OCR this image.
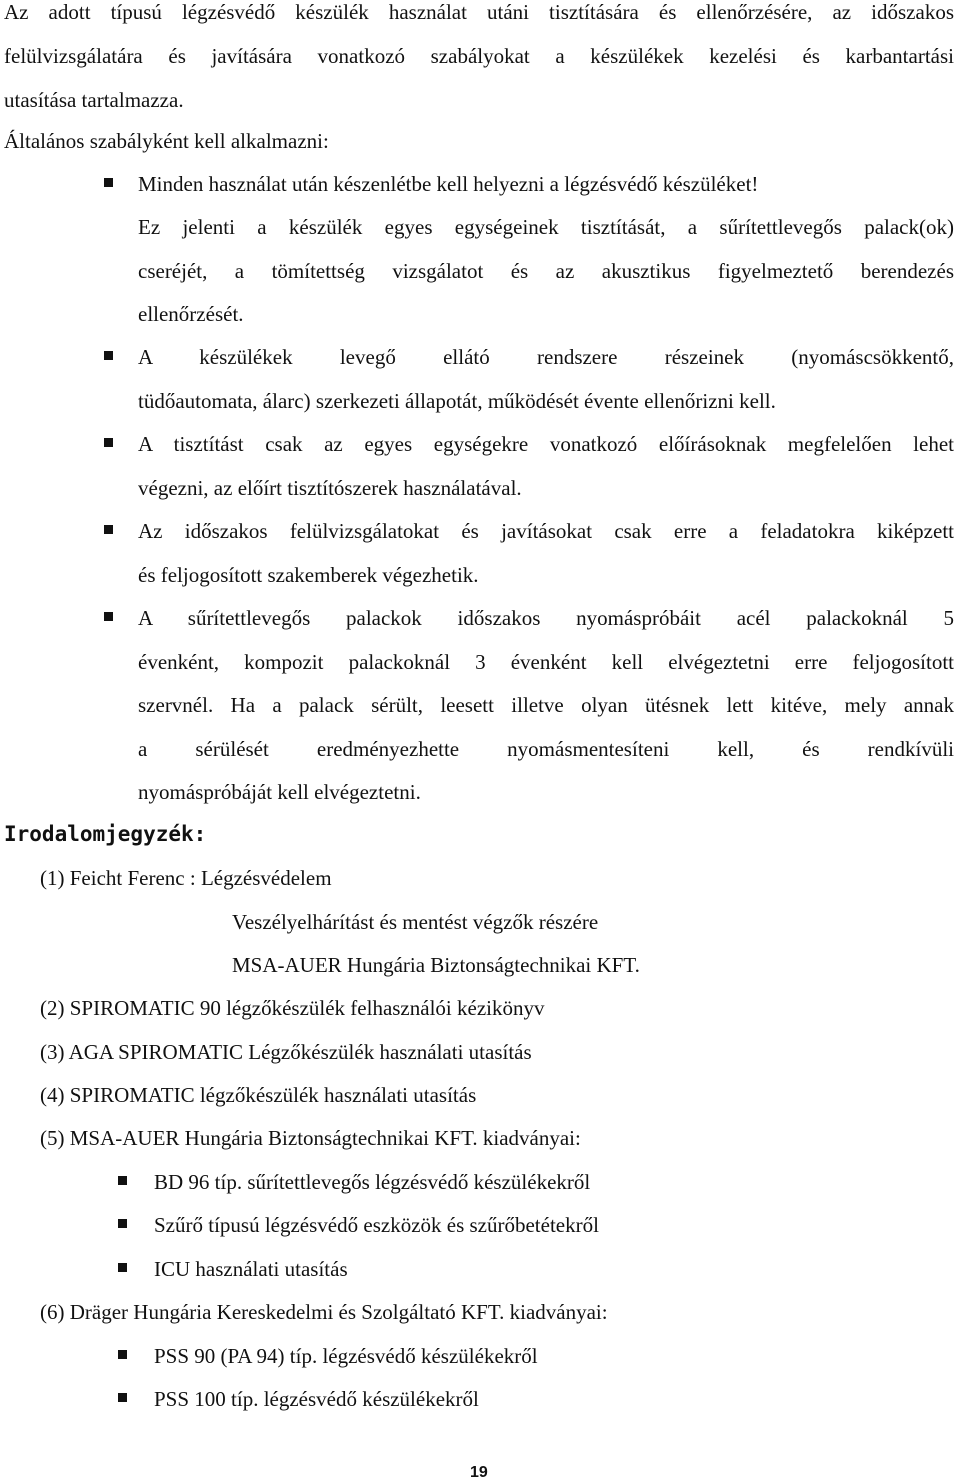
Az adott típusú légzésvédő készülék használat utáni tisztítására és ellenőrzésére, az időszakos
felülvizsgálatára és javítására vonatkozó szabályokat a készülékek kezelési és karbantartási
utasítása tartalmazza.
Általános szabályként kell alkalmazni:
Minden használat után készenlétbe kell helyezni a légzésvédő készüléket!
Ez jelenti a készülék egyes egységeinek tisztítását, a sűrítettlevegős palack(ok)
cseréjét, a tömítettség vizsgálatot és az akusztikus figyelmeztető berendezés
ellenőrzését.
A készülékek levegő ellátó rendszere részeinek (nyomáscsökkentő,
tüdőautomata, álarc) szerkezeti állapotát, működését évente ellenőrizni kell.
A tisztítást csak az egyes egységekre vonatkozó előírásoknak megfelelően lehet
végezni, az előírt tisztítószerek használatával.
Az időszakos felülvizsgálatokat és javításokat csak erre a feladatokra kiképzett
és feljogosított szakemberek végezhetik.
A sűrítettlevegős palackok időszakos nyomáspróbáit acél palackoknál 5
évenként, kompozit palackoknál 3 évenként kell elvégeztetni erre feljogosított
szervnél. Ha a palack sérült, leesett illetve olyan ütésnek lett kitéve, mely annak
a sérülését eredményezhette nyomásmentesíteni kell, és rendkívüli
nyomáspróbáját kell elvégeztetni.
Irodalomjegyzék:
(1) Feicht Ferenc : Légzésvédelem
Veszélyelhárítást és mentést végzők részére
MSA-AUER Hungária Biztonságtechnikai KFT.
(2) SPIROMATIC 90 légzőkészülék felhasználói kézikönyv
(3) AGA SPIROMATIC Légzőkészülék használati utasítás
(4) SPIROMATIC légzőkészülék használati utasítás
(5) MSA-AUER Hungária Biztonságtechnikai KFT. kiadványai:
BD 96 típ. sűrítettlevegős légzésvédő készülékekről
Szűrő típusú légzésvédő eszközök és szűrőbetétekről
ICU használati utasítás
(6) Dräger Hungária Kereskedelmi és Szolgáltató KFT. kiadványai:
PSS 90 (PA 94) típ. légzésvédő készülékekről
PSS 100 típ. légzésvédő készülékekről
19
